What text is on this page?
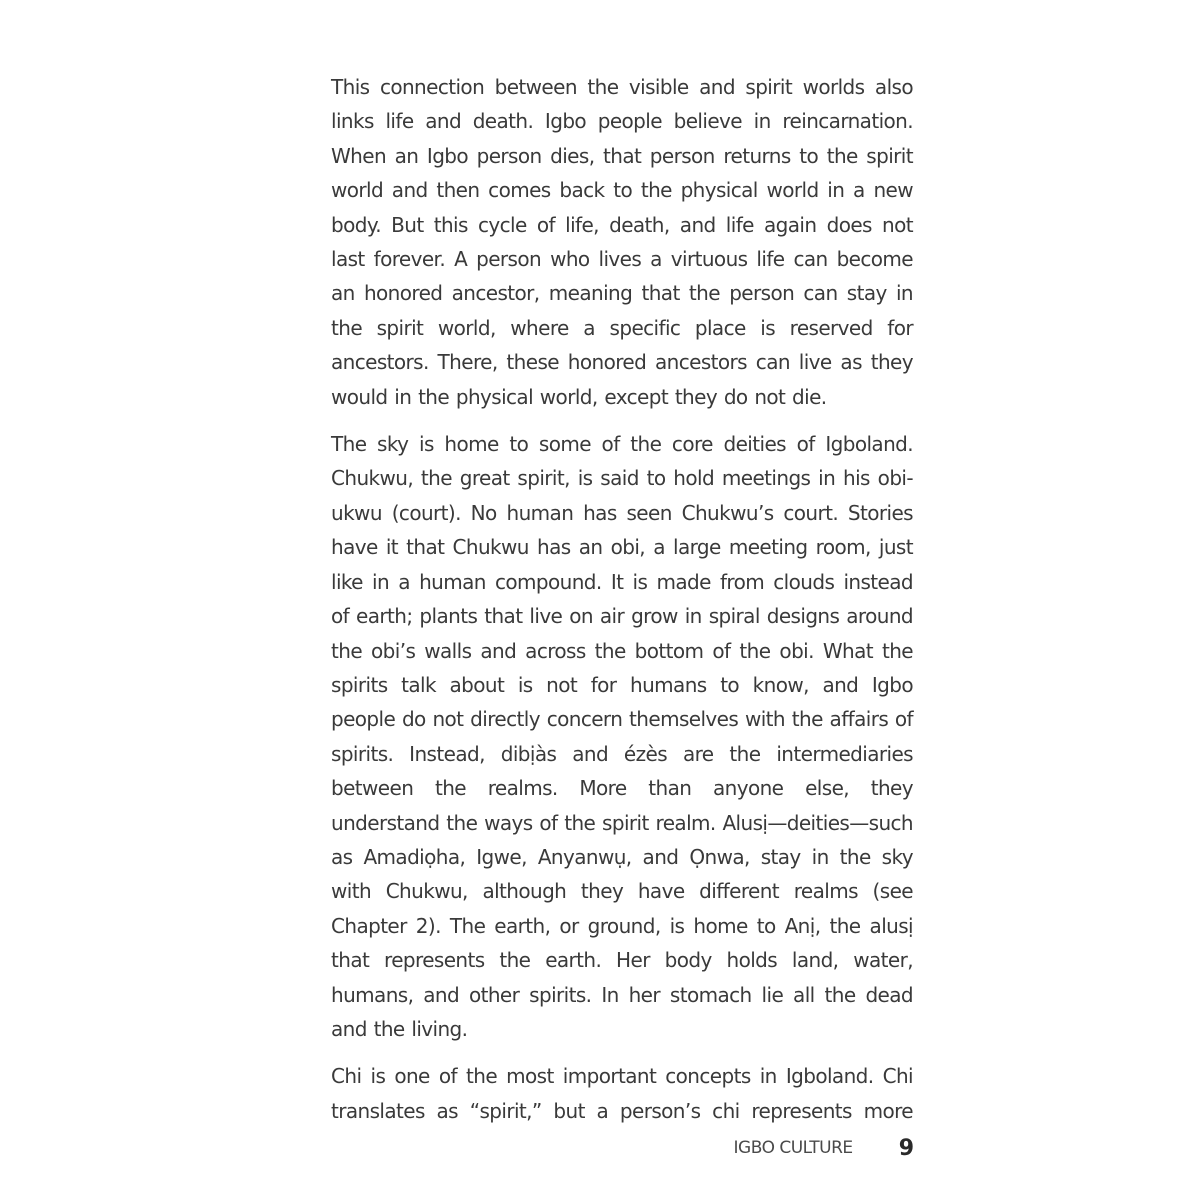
This connection between the visible and spirit worlds also links life and death. Igbo people believe in reincarnation. When an Igbo person dies, that person returns to the spirit world and then comes back to the physical world in a new body. But this cycle of life, death, and life again does not last forever. A person who lives a virtuous life can become an honored ancestor, meaning that the person can stay in the spirit world, where a specific place is reserved for ancestors. There, these honored ancestors can live as they would in the physical world, except they do not die.

The sky is home to some of the core deities of Igboland. Chukwu, the great spirit, is said to hold meetings in his obi-ukwu (court). No human has seen Chukwu’s court. Stories have it that Chukwu has an obi, a large meeting room, just like in a human compound. It is made from clouds instead of earth; plants that live on air grow in spiral designs around the obi’s walls and across the bottom of the obi. What the spirits talk about is not for humans to know, and Igbo people do not directly concern themselves with the affairs of spirits. Instead, dibịàs and ézès are the intermediaries between the realms. More than anyone else, they understand the ways of the spirit realm. Alusị—deities—such as Amadiọha, Igwe, Anyanwụ, and Ọnwa, stay in the sky with Chukwu, although they have different realms (see Chapter 2). The earth, or ground, is home to Anị, the alusị that represents the earth. Her body holds land, water, humans, and other spirits. In her stomach lie all the dead and the living.

Chi is one of the most important concepts in Igboland. Chi translates as “spirit,” but a person’s chi represents more

IGBO CULTURE 9
